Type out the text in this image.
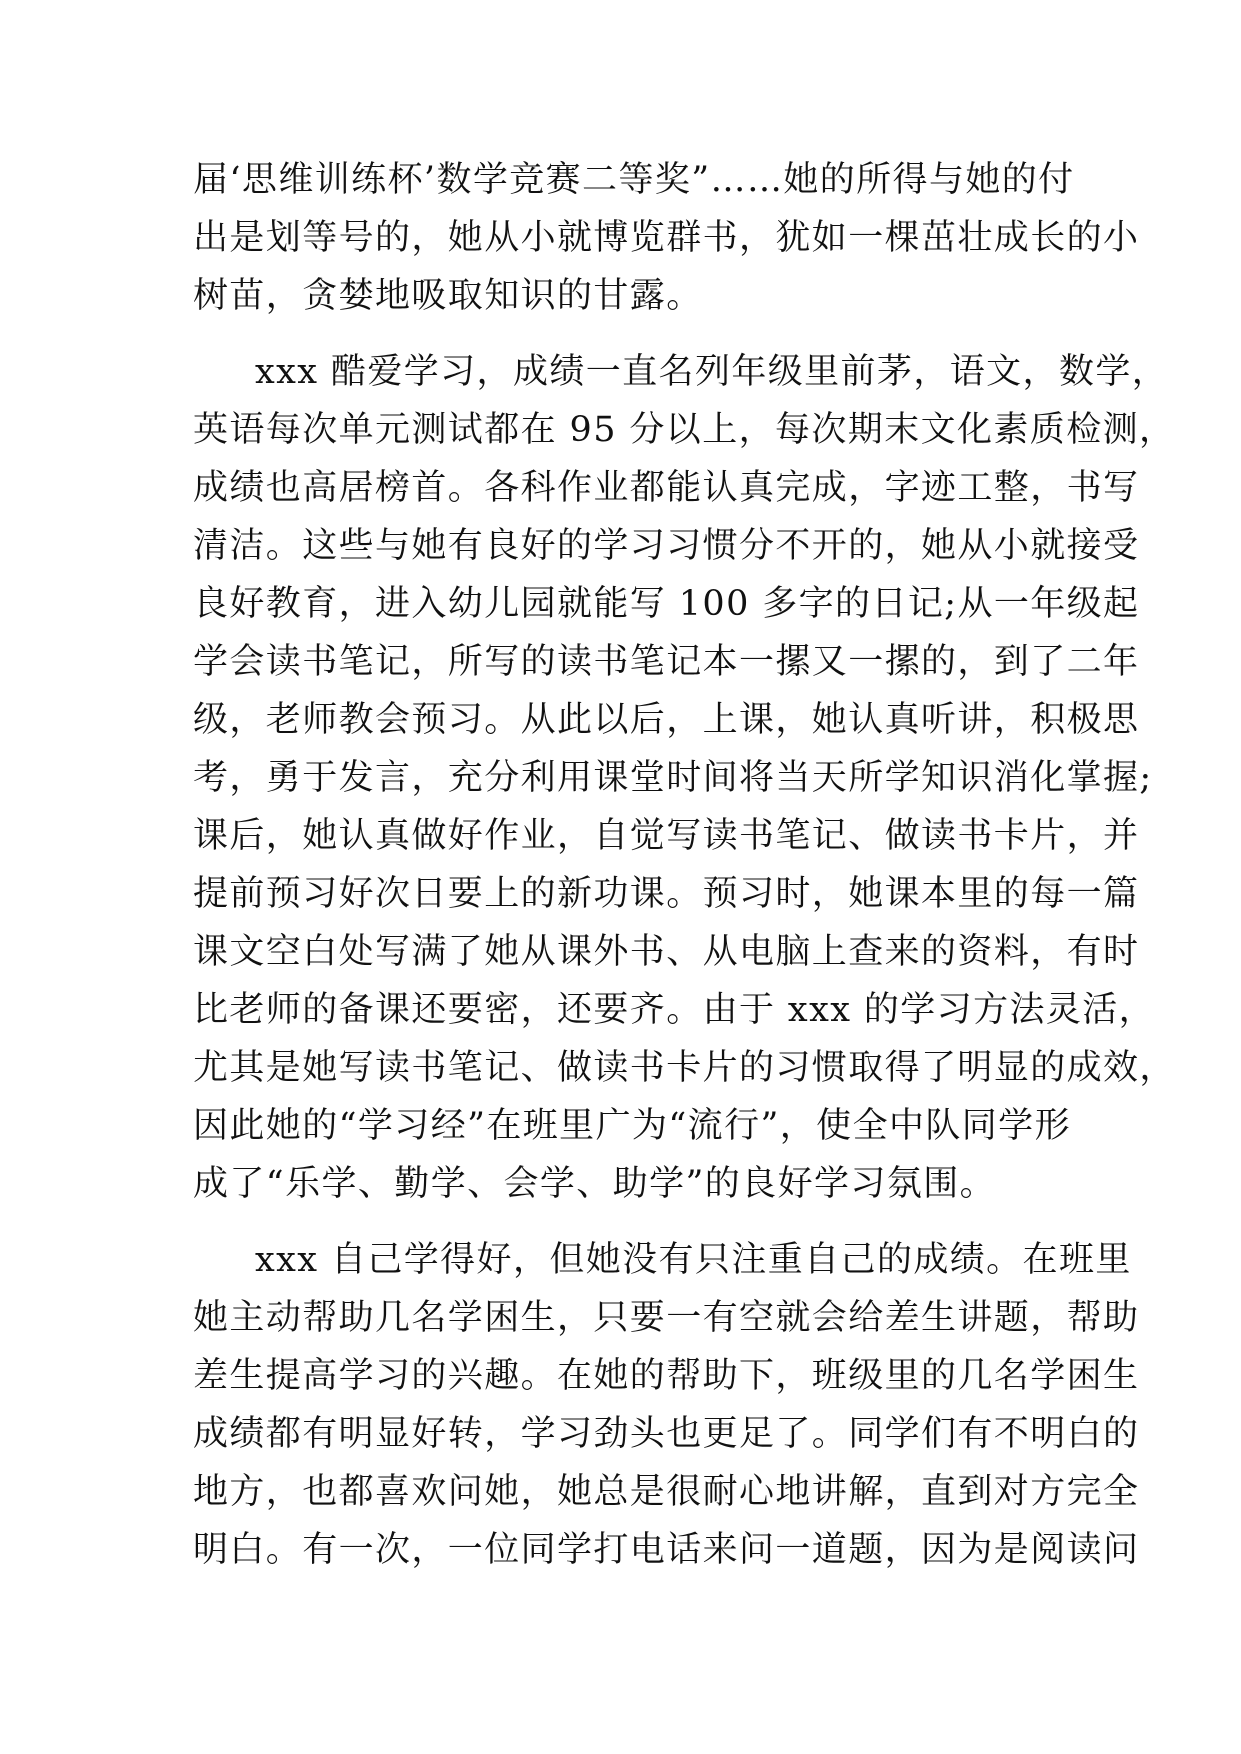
届‘思维训练杯’数学竞赛二等奖”……她的所得与她的付
出是划等号的，她从小就博览群书，犹如一棵茁壮成长的小
树苗，贪婪地吸取知识的甘露。
xxx 酷爱学习，成绩一直名列年级里前茅，语文，数学，
英语每次单元测试都在 95 分以上，每次期末文化素质检测，
成绩也高居榜首。各科作业都能认真完成，字迹工整，书写
清洁。这些与她有良好的学习习惯分不开的，她从小就接受
良好教育，进入幼儿园就能写 100 多字的日记;从一年级起
学会读书笔记，所写的读书笔记本一摞又一摞的，到了二年
级，老师教会预习。从此以后，上课，她认真听讲，积极思
考，勇于发言，充分利用课堂时间将当天所学知识消化掌握;
课后，她认真做好作业，自觉写读书笔记、做读书卡片，并
提前预习好次日要上的新功课。预习时，她课本里的每一篇
课文空白处写满了她从课外书、从电脑上查来的资料，有时
比老师的备课还要密，还要齐。由于 xxx 的学习方法灵活，
尤其是她写读书笔记、做读书卡片的习惯取得了明显的成效，
因此她的“学习经”在班里广为“流行”，使全中队同学形
成了“乐学、勤学、会学、助学”的良好学习氛围。
xxx 自己学得好，但她没有只注重自己的成绩。在班里
她主动帮助几名学困生，只要一有空就会给差生讲题，帮助
差生提高学习的兴趣。在她的帮助下，班级里的几名学困生
成绩都有明显好转，学习劲头也更足了。同学们有不明白的
地方，也都喜欢问她，她总是很耐心地讲解，直到对方完全
明白。有一次，一位同学打电话来问一道题，因为是阅读问
